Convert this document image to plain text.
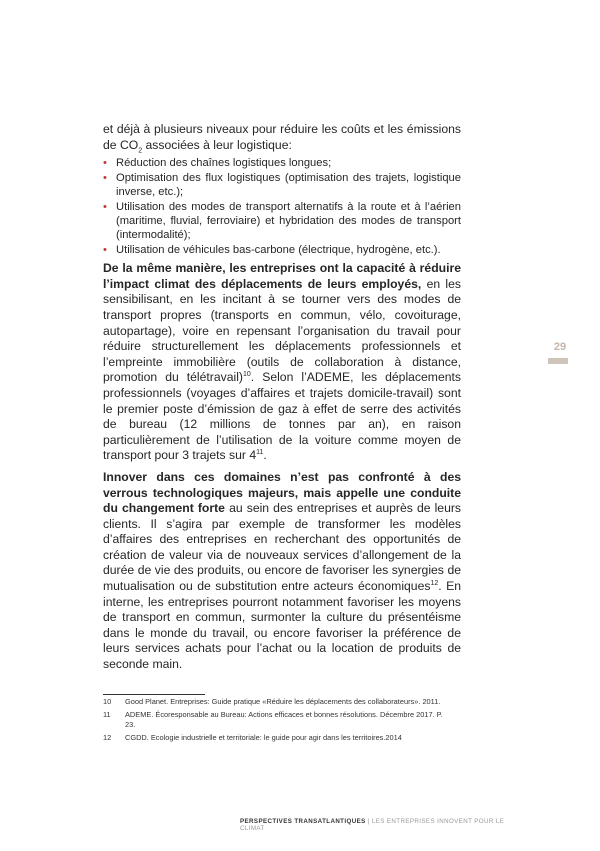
et déjà à plusieurs niveaux pour réduire les coûts et les émissions de $CO_2$ associées à leur logistique:

• Réduction des chaînes logistiques longues;
• Optimisation des flux logistiques (optimisation des trajets, logistique inverse, etc.);
• Utilisation des modes de transport alternatifs à la route et à l’aérien (maritime, fluvial, ferroviaire) et hybridation des modes de transport (intermodalité);
• Utilisation de véhicules bas-carbone (électrique, hydrogène, etc.).

De la même manière, les entreprises ont la capacité à réduire l’impact climat des déplacements de leurs employés, en les sensibilisant, en les incitant à se tourner vers des modes de transport propres (transports en commun, vélo, covoiturage, autopartage), voire en repensant l’organisation du travail pour réduire structurellement les déplacements professionnels et l’empreinte immobilière (outils de collaboration à distance, promotion du télétravail)$^{10}$. Selon l’ADEME, les déplacements professionnels (voyages d’affaires et trajets domicile-travail) sont le premier poste d’émission de gaz à effet de serre des activités de bureau (12 millions de tonnes par an), en raison particulièrement de l’utilisation de la voiture comme moyen de transport pour 3 trajets sur $4^{11}$.

Innover dans ces domaines n’est pas confronté à des verrous technologiques majeurs, mais appelle une conduite du changement forte au sein des entreprises et auprès de leurs clients. Il s’agira par exemple de transformer les modèles d’affaires des entreprises en recherchant des opportunités de création de valeur via de nouveaux services d’allongement de la durée de vie des produits, ou encore de favoriser les synergies de mutualisation ou de substitution entre acteurs économiques$^{12}$. En interne, les entreprises pourront notamment favoriser les moyens de transport en commun, surmonter la culture du présentéisme dans le monde du travail, ou encore favoriser la préférence de leurs services achats pour l’achat ou la location de produits de seconde main.

29
10	Good Planet. Entreprises: Guide pratique «Réduire les déplacements des collaborateurs». 2011.
11	ADEME. Écoresponsable au Bureau: Actions efficaces et bonnes résolutions. Décembre 2017. P. 23.
12	CGDD. Ecologie industrielle et territoriale: le guide pour agir dans les territoires.2014
PERSPECTIVES TRANSATLANTIQUES | LES ENTREPRISES INNOVENT POUR LE CLIMAT
